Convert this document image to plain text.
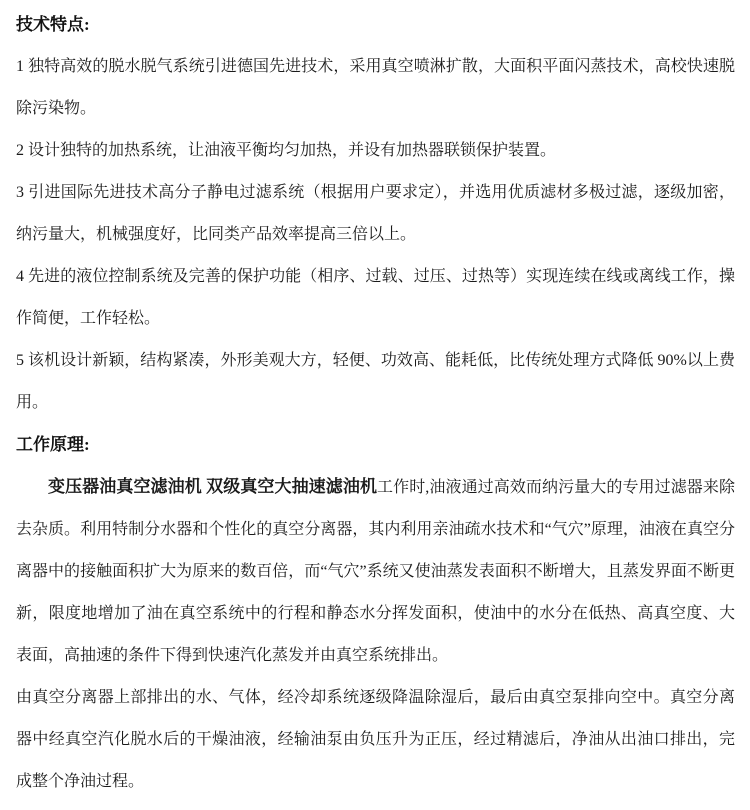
技术特点:

1 独特高效的脱水脱气系统引进德国先进技术，采用真空喷淋扩散，大面积平面闪蒸技术，高校快速脱除污染物。

2 设计独特的加热系统，让油液平衡均匀加热，并设有加热器联锁保护装置。

3 引进国际先进技术高分子静电过滤系统（根据用户要求定），并选用优质滤材多极过滤，逐级加密，纳污量大，机械强度好，比同类产品效率提高三倍以上。

4 先进的液位控制系统及完善的保护功能（相序、过载、过压、过热等）实现连续在线或离线工作，操作简便，工作轻松。

5 该机设计新颖，结构紧凑，外形美观大方，轻便、功效高、能耗低，比传统处理方式降低 90%以上费用。

工作原理:

变压器油真空滤油机 双级真空大抽速滤油机工作时,油液通过高效而纳污量大的专用过滤器来除去杂质。利用特制分水器和个性化的真空分离器，其内利用亲油疏水技术和“气穴”原理，油液在真空分离器中的接触面积扩大为原来的数百倍，而“气穴”系统又使油蒸发表面积不断增大，且蒸发界面不断更新，限度地增加了油在真空系统中的行程和静态水分挥发面积，使油中的水分在低热、高真空度、大表面，高抽速的条件下得到快速汽化蒸发并由真空系统排出。

由真空分离器上部排出的水、气体，经冷却系统逐级降温除湿后，最后由真空泵排向空中。真空分离器中经真空汽化脱水后的干燥油液，经输油泵由负压升为正压，经过精滤后，净油从出油口排出，完成整个净油过程。
